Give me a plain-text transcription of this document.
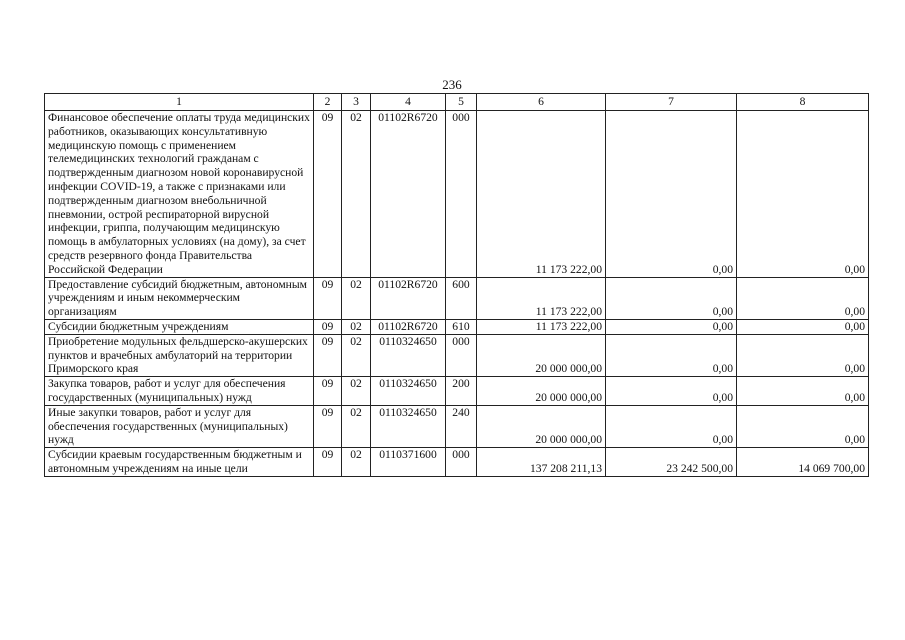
236
1	2	3	4	5	6	7	8
Финансовое обеспечение оплаты труда медицинских работников, оказывающих консультативную медицинскую помощь с применением телемедицинских технологий гражданам с подтвержденным диагнозом новой коронавирусной инфекции COVID-19, а также с признаками или подтвержденным диагнозом внебольничной пневмонии, острой респираторной вирусной инфекции, гриппа, получающим медицинскую помощь в амбулаторных условиях (на дому), за счет средств резервного фонда Правительства Российской Федерации	09	02	01102R6720	000	11 173 222,00	0,00	0,00
Предоставление субсидий бюджетным, автономным учреждениям и иным некоммерческим организациям	09	02	01102R6720	600	11 173 222,00	0,00	0,00
Субсидии бюджетным учреждениям	09	02	01102R6720	610	11 173 222,00	0,00	0,00
Приобретение модульных фельдшерско-акушерских пунктов и врачебных амбулаторий на территории Приморского края	09	02	0110324650	000	20 000 000,00	0,00	0,00
Закупка товаров, работ и услуг для обеспечения государственных (муниципальных) нужд	09	02	0110324650	200	20 000 000,00	0,00	0,00
Иные закупки товаров, работ и услуг для обеспечения государственных (муниципальных) нужд	09	02	0110324650	240	20 000 000,00	0,00	0,00
Субсидии краевым государственным бюджетным и автономным учреждениям на иные цели	09	02	0110371600	000	137 208 211,13	23 242 500,00	14 069 700,00
